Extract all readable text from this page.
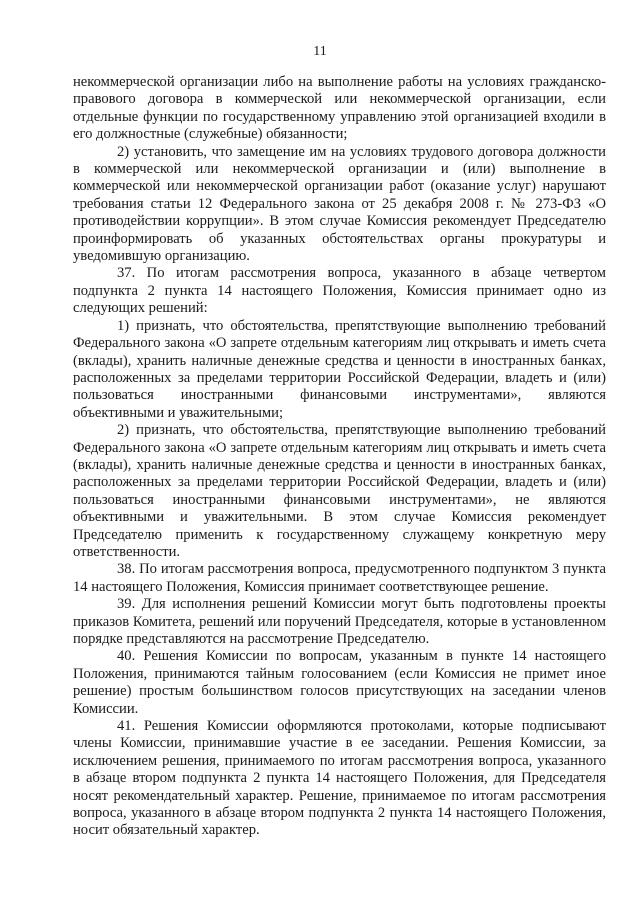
11

некоммерческой организации либо на выполнение работы на условиях гражданско-правового договора в коммерческой или некоммерческой организации, если отдельные функции по государственному управлению этой организацией входили в его должностные (служебные) обязанности;

2) установить, что замещение им на условиях трудового договора должности в коммерческой или некоммерческой организации и (или) выполнение в коммерческой или некоммерческой организации работ (оказание услуг) нарушают требования статьи 12 Федерального закона от 25 декабря 2008 г. № 273-ФЗ «О противодействии коррупции». В этом случае Комиссия рекомендует Председателю проинформировать об указанных обстоятельствах органы прокуратуры и уведомившую организацию.

37. По итогам рассмотрения вопроса, указанного в абзаце четвертом подпункта 2 пункта 14 настоящего Положения, Комиссия принимает одно из следующих решений:

1) признать, что обстоятельства, препятствующие выполнению требований Федерального закона «О запрете отдельным категориям лиц открывать и иметь счета (вклады), хранить наличные денежные средства и ценности в иностранных банках, расположенных за пределами территории Российской Федерации, владеть и (или) пользоваться иностранными финансовыми инструментами», являются объективными и уважительными;

2) признать, что обстоятельства, препятствующие выполнению требований Федерального закона «О запрете отдельным категориям лиц открывать и иметь счета (вклады), хранить наличные денежные средства и ценности в иностранных банках, расположенных за пределами территории Российской Федерации, владеть и (или) пользоваться иностранными финансовыми инструментами», не являются объективными и уважительными. В этом случае Комиссия рекомендует Председателю применить к государственному служащему конкретную меру ответственности.

38. По итогам рассмотрения вопроса, предусмотренного подпунктом 3 пункта 14 настоящего Положения, Комиссия принимает соответствующее решение.

39. Для исполнения решений Комиссии могут быть подготовлены проекты приказов Комитета, решений или поручений Председателя, которые в установленном порядке представляются на рассмотрение Председателю.

40. Решения Комиссии по вопросам, указанным в пункте 14 настоящего Положения, принимаются тайным голосованием (если Комиссия не примет иное решение) простым большинством голосов присутствующих на заседании членов Комиссии.

41. Решения Комиссии оформляются протоколами, которые подписывают члены Комиссии, принимавшие участие в ее заседании. Решения Комиссии, за исключением решения, принимаемого по итогам рассмотрения вопроса, указанного в абзаце втором подпункта 2 пункта 14 настоящего Положения, для Председателя носят рекомендательный характер. Решение, принимаемое по итогам рассмотрения вопроса, указанного в абзаце втором подпункта 2 пункта 14 настоящего Положения, носит обязательный характер.
